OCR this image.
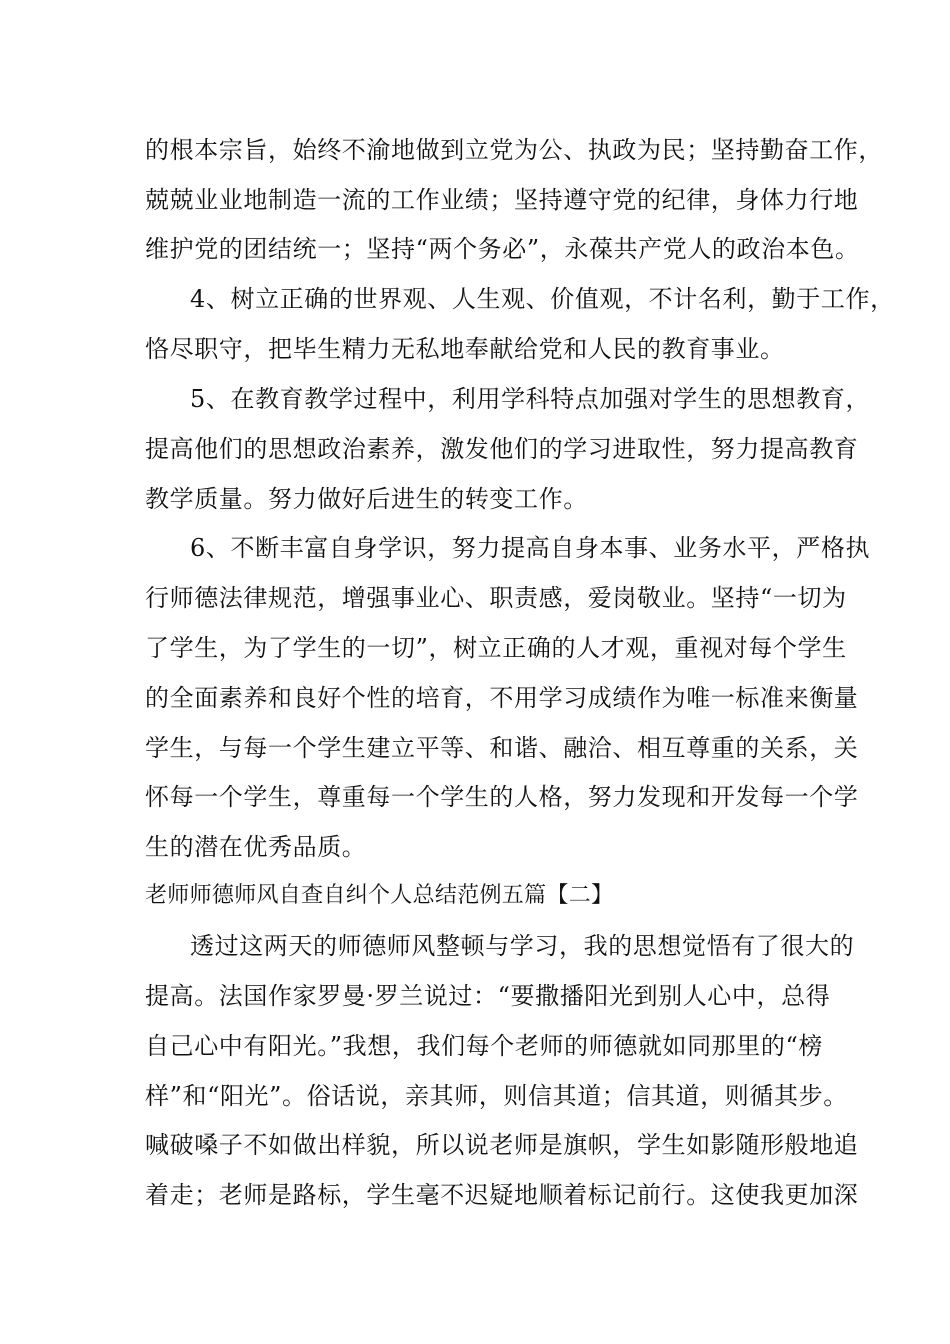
的根本宗旨，始终不渝地做到立党为公、执政为民；坚持勤奋工作，
兢兢业业地制造一流的工作业绩；坚持遵守党的纪律，身体力行地
维护党的团结统一；坚持“两个务必”，永葆共产党人的政治本色。
4、树立正确的世界观、人生观、价值观，不计名利，勤于工作，
恪尽职守，把毕生精力无私地奉献给党和人民的教育事业。
5、在教育教学过程中，利用学科特点加强对学生的思想教育，
提高他们的思想政治素养，激发他们的学习进取性，努力提高教育
教学质量。努力做好后进生的转变工作。
6、不断丰富自身学识，努力提高自身本事、业务水平，严格执
行师德法律规范，增强事业心、职责感，爱岗敬业。坚持“一切为
了学生，为了学生的一切”，树立正确的人才观，重视对每个学生
的全面素养和良好个性的培育，不用学习成绩作为唯一标准来衡量
学生，与每一个学生建立平等、和谐、融洽、相互尊重的关系，关
怀每一个学生，尊重每一个学生的人格，努力发现和开发每一个学
生的潜在优秀品质。
老师师德师风自查自纠个人总结范例五篇【二】
透过这两天的师德师风整顿与学习，我的思想觉悟有了很大的
提高。法国作家罗曼·罗兰说过：“要撒播阳光到别人心中，总得
自己心中有阳光。”我想，我们每个老师的师德就如同那里的“榜
样”和“阳光”。俗话说，亲其师，则信其道；信其道，则循其步。
喊破嗓子不如做出样貌，所以说老师是旗帜，学生如影随形般地追
着走；老师是路标，学生毫不迟疑地顺着标记前行。这使我更加深
